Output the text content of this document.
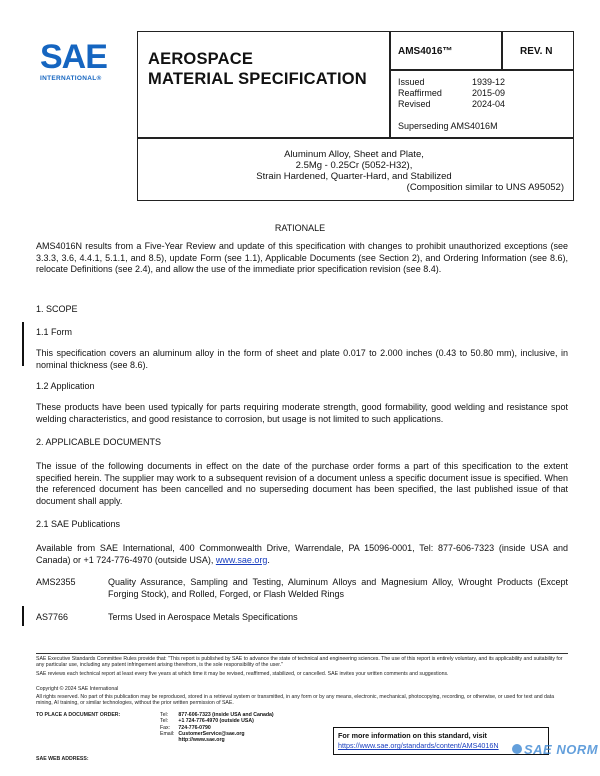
SAE
INTERNATIONAL®
AEROSPACE
MATERIAL SPECIFICATION
AMS4016™	REV. N
Issued	1939-12
Reaffirmed	2015-09
Revised	2024-04
Superseding AMS4016M
Aluminum Alloy, Sheet and Plate,
2.5Mg - 0.25Cr (5052-H32),
Strain Hardened, Quarter-Hard, and Stabilized
(Composition similar to UNS A95052)
RATIONALE
AMS4016N results from a Five-Year Review and update of this specification with changes to prohibit unauthorized exceptions (see 3.3.3, 3.6, 4.4.1, 5.1.1, and 8.5), update Form (see 1.1), Applicable Documents (see Section 2), and Ordering Information (see 8.6), relocate Definitions (see 2.4), and allow the use of the immediate prior specification revision (see 8.4).
1. SCOPE
1.1 Form
This specification covers an aluminum alloy in the form of sheet and plate 0.017 to 2.000 inches (0.43 to 50.80 mm), inclusive, in nominal thickness (see 8.6).
1.2 Application
These products have been used typically for parts requiring moderate strength, good formability, good welding and resistance spot welding characteristics, and good resistance to corrosion, but usage is not limited to such applications.
2. APPLICABLE DOCUMENTS
The issue of the following documents in effect on the date of the purchase order forms a part of this specification to the extent specified herein. The supplier may work to a subsequent revision of a document unless a specific document issue is specified. When the referenced document has been cancelled and no superseding document has been specified, the last published issue of that document shall apply.
2.1 SAE Publications
Available from SAE International, 400 Commonwealth Drive, Warrendale, PA 15096-0001, Tel: 877-606-7323 (inside USA and Canada) or +1 724-776-4970 (outside USA), www.sae.org.
AMS2355	Quality Assurance, Sampling and Testing, Aluminum Alloys and Magnesium Alloy, Wrought Products (Except Forging Stock), and Rolled, Forged, or Flash Welded Rings
AS7766	Terms Used in Aerospace Metals Specifications
SAE Executive Standards Committee Rules provide that: "This report is published by SAE to advance the state of technical and engineering sciences. The use of this report is entirely voluntary, and its applicability and suitability for any particular use, including any patent infringement arising therefrom, is the sole responsibility of the user."
SAE reviews each technical report at least every five years at which time it may be revised, reaffirmed, stabilized, or cancelled. SAE invites your written comments and suggestions.
Copyright © 2024 SAE International
All rights reserved. No part of this publication may be reproduced, stored in a retrieval system or transmitted, in any form or by any means, electronic, mechanical, photocopying, recording, or otherwise, or used for text and data mining, AI training, or similar technologies, without the prior written permission of SAE.
TO PLACE A DOCUMENT ORDER:
SAE WEB ADDRESS:
Tel:	877-606-7323 (inside USA and Canada)
Tel:	+1 724-776-4970 (outside USA)
Fax:	724-776-0790
Email:	CustomerService@sae.org
	http://www.sae.org
For more information on this standard, visit
https://www.sae.org/standards/content/AMS4016N	SAE NORM
